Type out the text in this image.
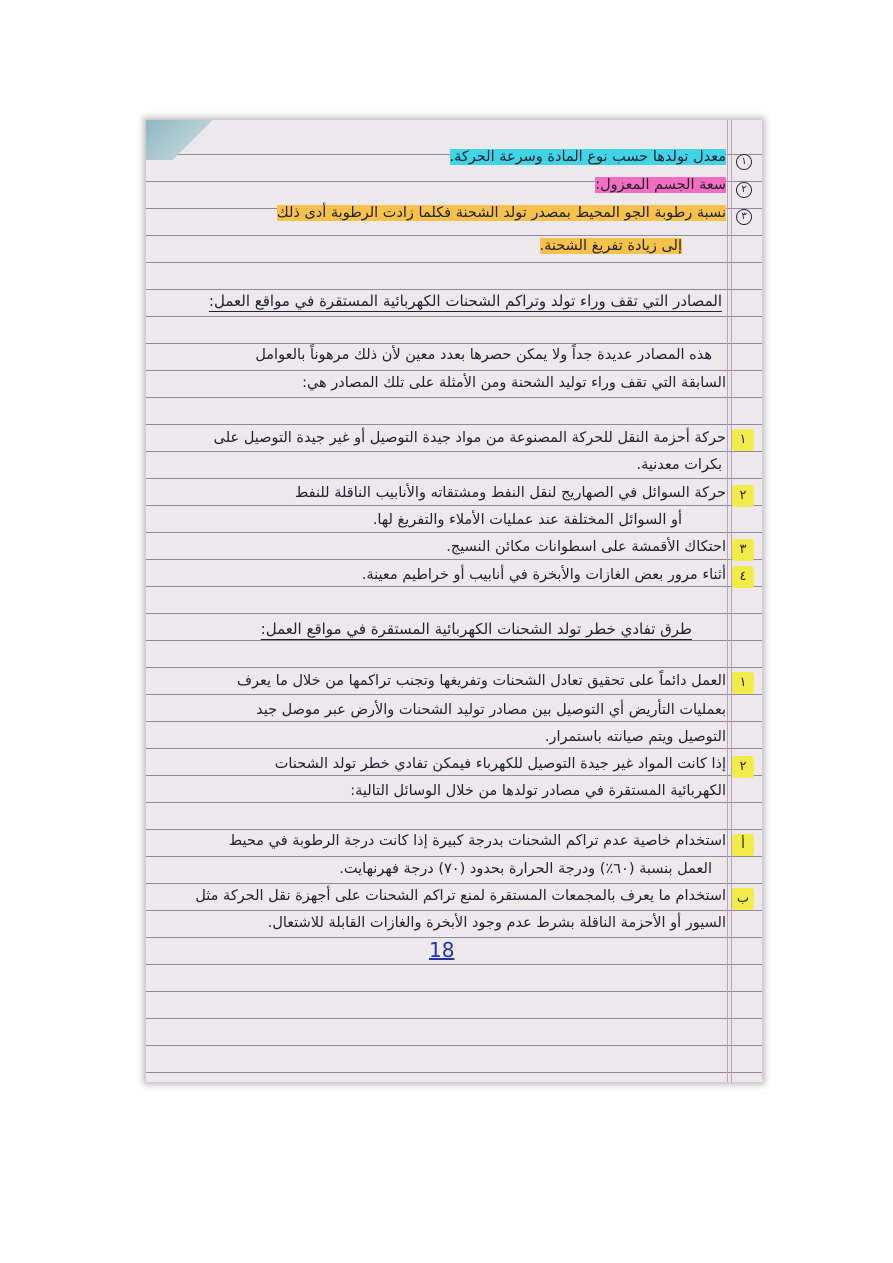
١
معدل تولدها حسب نوع المادة وسرعة الحركة.
٢
سعة الجسم المعزول:
٣
نسبة رطوبة الجو المحيط بمصدر تولد الشحنة فكلما زادت الرطوبة أدى ذلك
إلى زيادة تفريغ الشحنة.
المصادر التي تقف وراء تولد وتراكم الشحنات الكهربائية المستقرة في مواقع العمل:
هذه المصادر عديدة جداً ولا يمكن حصرها بعدد معين لأن ذلك مرهوناً بالعوامل
السابقة التي تقف وراء توليد الشحنة ومن الأمثلة على تلك المصادر هي:
١
حركة أحزمة النقل للحركة المصنوعة من مواد جيدة التوصيل أو غير جيدة التوصيل على
بكرات معدنية.
٢
حركة السوائل في الصهاريج لنقل النفط ومشتقاته والأنابيب الناقلة للنفط
أو السوائل المختلفة عند عمليات الأملاء والتفريغ لها.
٣
احتكاك الأقمشة على اسطوانات مكائن النسيج.
٤
أثناء مرور بعض الغازات والأبخرة في أنابيب أو خراطيم معينة.
طرق تفادي خطر تولد الشحنات الكهربائية المستقرة في مواقع العمل:
١
العمل دائماً على تحقيق تعادل الشحنات وتفريغها وتجنب تراكمها من خلال ما يعرف
بعمليات التأريض أي التوصيل بين مصادر توليد الشحنات والأرض عبر موصل جيد
التوصيل ويتم صيانته باستمرار.
٢
إذا كانت المواد غير جيدة التوصيل للكهرباء فيمكن تفادي خطر تولد الشحنات
الكهربائية المستقرة في مصادر تولدها من خلال الوسائل التالية:
أ
استخدام خاصية عدم تراكم الشحنات بدرجة كبيرة إذا كانت درجة الرطوبة في محيط
العمل بنسبة (٦٠٪) ودرجة الحرارة بحدود (٧٠) درجة فهرنهايت.
ب
استخدام ما يعرف بالمجمعات المستقرة لمنع تراكم الشحنات على أجهزة نقل الحركة مثل
السيور أو الأحزمة الناقلة بشرط عدم وجود الأبخرة والغازات القابلة للاشتعال.
18
